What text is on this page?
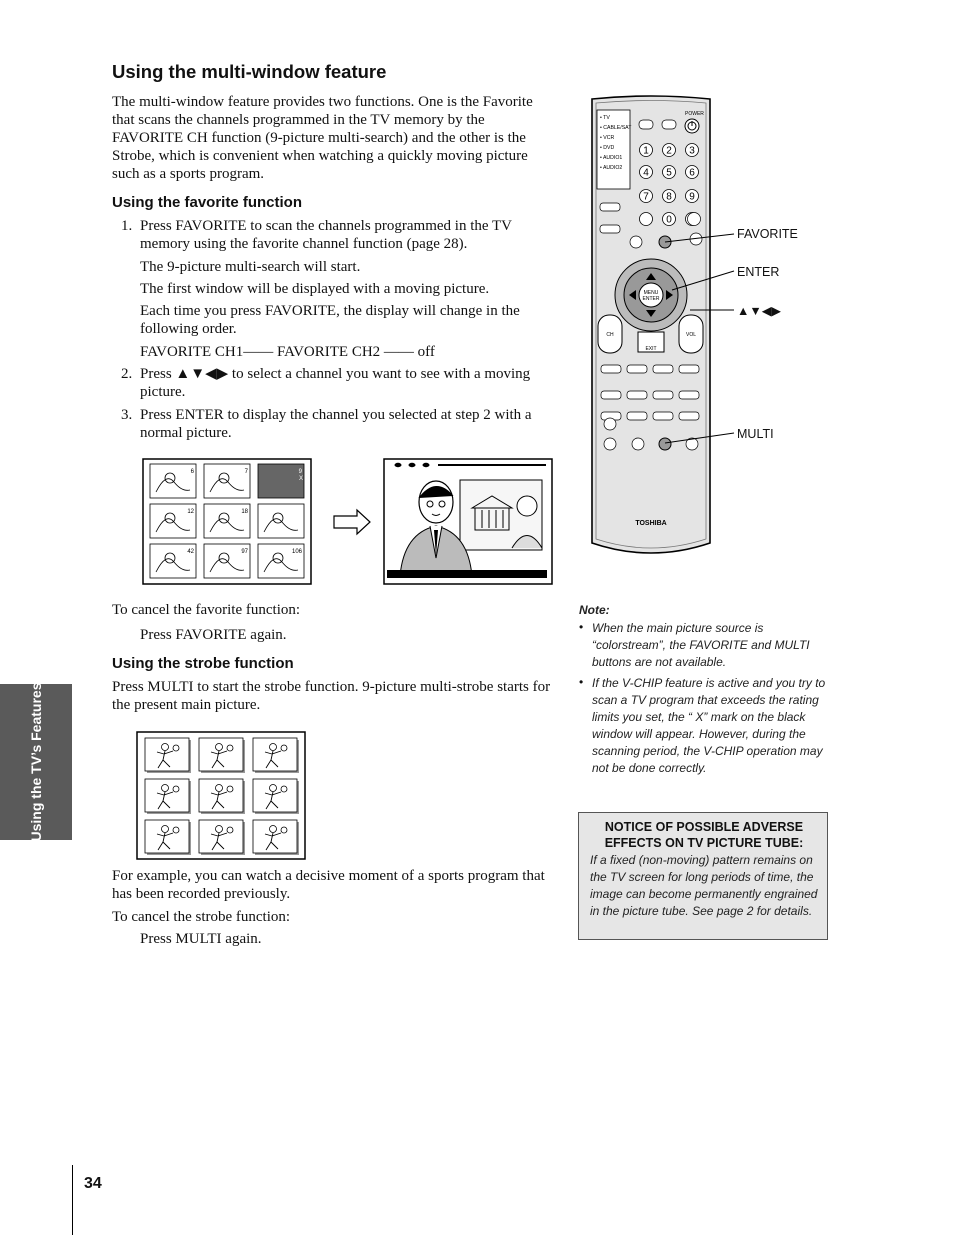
Using the TV’s Features
Using the multi-window feature

The multi-window feature provides two functions. One is the Favorite that scans the channels programmed in the TV memory by the FAVORITE CH function (9-picture multi-search) and the other is the Strobe, which is convenient when watching a quickly moving picture such as a sports program.

Using the favorite function
1. Press FAVORITE to scan the channels programmed in the TV memory using the favorite channel function (page 28).

The 9-picture multi-search will start.

The first window will be displayed with a moving picture.

Each time you press FAVORITE, the display will change in the following order.

FAVORITE CH1—— FAVORITE CH2 —— off

2. Press ▲▼◀▶ to select a channel you want to see with a moving picture.

3. Press ENTER to display the channel you selected at step 2 with a normal picture.

6	7	9
X
12	18
42	97	106

To cancel the favorite function:

Press FAVORITE again.

Using the strobe function

Press MULTI to start the strobe function. 9-picture multi-strobe starts for the present main picture.

For example, you can watch a decisive moment of a sports program that has been recorded previously.

To cancel the strobe function:

Press MULTI again.

• TV
• CABLE/SAT
• VCR
• DVD
• AUDIO1
• AUDIO2
POWER
1 2 3
4 5 6
7 8 9
0
MENU
ENTER
CH	VOL
EXIT
TOSHIBA
FAVORITE
ENTER
▲▼◀▶
MULTI

Note:

• When the main picture source is “colorstream”, the FAVORITE and MULTI buttons are not available.

• If the V-CHIP feature is active and you try to scan a TV program that exceeds the rating limits you set, the “ X” mark on the black window will appear. However, during the scanning period, the V-CHIP operation may not be done correctly.

NOTICE OF POSSIBLE ADVERSE EFFECTS ON TV PICTURE TUBE:

If a fixed (non-moving) pattern remains on the TV screen for long periods of time, the image can become permanently engrained in the picture tube. See page 2 for details.

34
